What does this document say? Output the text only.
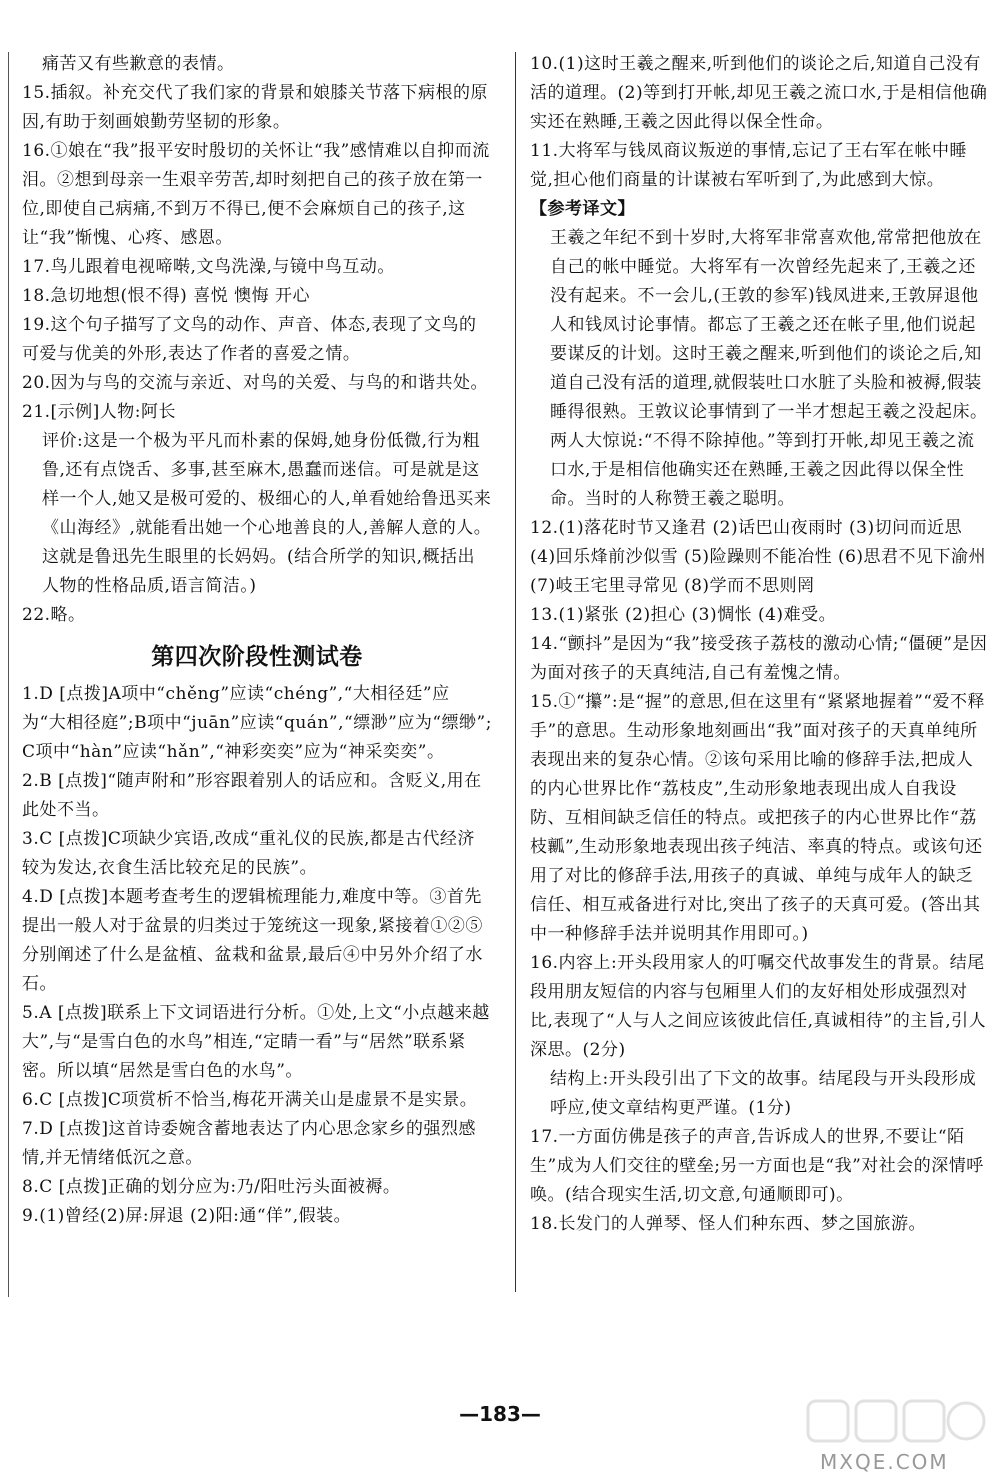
痛苦又有些歉意的表情。

15.插叙。补充交代了我们家的背景和娘膝关节落下病根的原因,有助于刻画娘勤劳坚韧的形象。

16.①娘在“我”报平安时殷切的关怀让“我”感情难以自抑而流泪。②想到母亲一生艰辛劳苦,却时刻把自己的孩子放在第一位,即使自己病痛,不到万不得已,便不会麻烦自己的孩子,这让“我”惭愧、心疼、感恩。

17.鸟儿跟着电视啼啭,文鸟洗澡,与镜中鸟互动。

18.急切地想(恨不得) 喜悦 懊悔 开心

19.这个句子描写了文鸟的动作、声音、体态,表现了文鸟的可爱与优美的外形,表达了作者的喜爱之情。

20.因为与鸟的交流与亲近、对鸟的关爱、与鸟的和谐共处。

21.[示例]人物:阿长

评价:这是一个极为平凡而朴素的保姆,她身份低微,行为粗鲁,还有点饶舌、多事,甚至麻木,愚蠢而迷信。可是就是这样一个人,她又是极可爱的、极细心的人,单看她给鲁迅买来《山海经》,就能看出她一个心地善良的人,善解人意的人。这就是鲁迅先生眼里的长妈妈。(结合所学的知识,概括出人物的性格品质,语言简洁。)

22.略。

第四次阶段性测试卷

1.D [点拨]A项中“chěng”应读“chéng”,“大相径廷”应为“大相径庭”;B项中“juān”应读“quán”,“缥渺”应为“缥缈”;C项中“hàn”应读“hǎn”,“神彩奕奕”应为“神采奕奕”。

2.B [点拨]“随声附和”形容跟着别人的话应和。含贬义,用在此处不当。

3.C [点拨]C项缺少宾语,改成“重礼仪的民族,都是古代经济较为发达,衣食生活比较充足的民族”。

4.D [点拨]本题考查考生的逻辑梳理能力,难度中等。③首先提出一般人对于盆景的归类过于笼统这一现象,紧接着①②⑤分别阐述了什么是盆植、盆栽和盆景,最后④中另外介绍了水石。

5.A [点拨]联系上下文词语进行分析。①处,上文“小点越来越大”,与“是雪白色的水鸟”相连,“定睛一看”与“居然”联系紧密。所以填“居然是雪白色的水鸟”。

6.C [点拨]C项赏析不恰当,梅花开满关山是虚景不是实景。

7.D [点拨]这首诗委婉含蓄地表达了内心思念家乡的强烈感情,并无情绪低沉之意。

8.C [点拨]正确的划分应为:乃/阳吐污头面被褥。

9.(1)曾经(2)屏:屏退 (2)阳:通“佯”,假装。

10.(1)这时王羲之醒来,听到他们的谈论之后,知道自己没有活的道理。(2)等到打开帐,却见王羲之流口水,于是相信他确实还在熟睡,王羲之因此得以保全性命。

11.大将军与钱凤商议叛逆的事情,忘记了王右军在帐中睡觉,担心他们商量的计谋被右军听到了,为此感到大惊。

【参考译文】

王羲之年纪不到十岁时,大将军非常喜欢他,常常把他放在自己的帐中睡觉。大将军有一次曾经先起来了,王羲之还没有起来。不一会儿,(王敦的参军)钱凤进来,王敦屏退他人和钱凤讨论事情。都忘了王羲之还在帐子里,他们说起要谋反的计划。这时王羲之醒来,听到他们的谈论之后,知道自己没有活的道理,就假装吐口水脏了头脸和被褥,假装睡得很熟。王敦议论事情到了一半才想起王羲之没起床。两人大惊说:“不得不除掉他。”等到打开帐,却见王羲之流口水,于是相信他确实还在熟睡,王羲之因此得以保全性命。当时的人称赞王羲之聪明。

12.(1)落花时节又逢君 (2)话巴山夜雨时 (3)切问而近思 (4)回乐烽前沙似雪 (5)险躁则不能冶性 (6)思君不见下渝州 (7)岐王宅里寻常见 (8)学而不思则罔

13.(1)紧张 (2)担心 (3)惆怅 (4)难受。

14.“颤抖”是因为“我”接受孩子荔枝的激动心情;“僵硬”是因为面对孩子的天真纯洁,自己有羞愧之情。

15.①“攥”:是“握”的意思,但在这里有“紧紧地握着”“爱不释手”的意思。生动形象地刻画出“我”面对孩子的天真单纯所表现出来的复杂心情。②该句采用比喻的修辞手法,把成人的内心世界比作“荔枝皮”,生动形象地表现出成人自我设防、互相间缺乏信任的特点。或把孩子的内心世界比作“荔枝瓤”,生动形象地表现出孩子纯洁、率真的特点。或该句还用了对比的修辞手法,用孩子的真诚、单纯与成年人的缺乏信任、相互戒备进行对比,突出了孩子的天真可爱。(答出其中一种修辞手法并说明其作用即可。)

16.内容上:开头段用家人的叮嘱交代故事发生的背景。结尾段用朋友短信的内容与包厢里人们的友好相处形成强烈对比,表现了“人与人之间应该彼此信任,真诚相待”的主旨,引人深思。(2分)

结构上:开头段引出了下文的故事。结尾段与开头段形成呼应,使文章结构更严谨。(1分)

17.一方面仿佛是孩子的声音,告诉成人的世界,不要让“陌生”成为人们交往的壁垒;另一方面也是“我”对社会的深情呼唤。(结合现实生活,切文意,句通顺即可)。

18.长发门的人弹琴、怪人们种东西、梦之国旅游。

—183—
MXQE.COM
